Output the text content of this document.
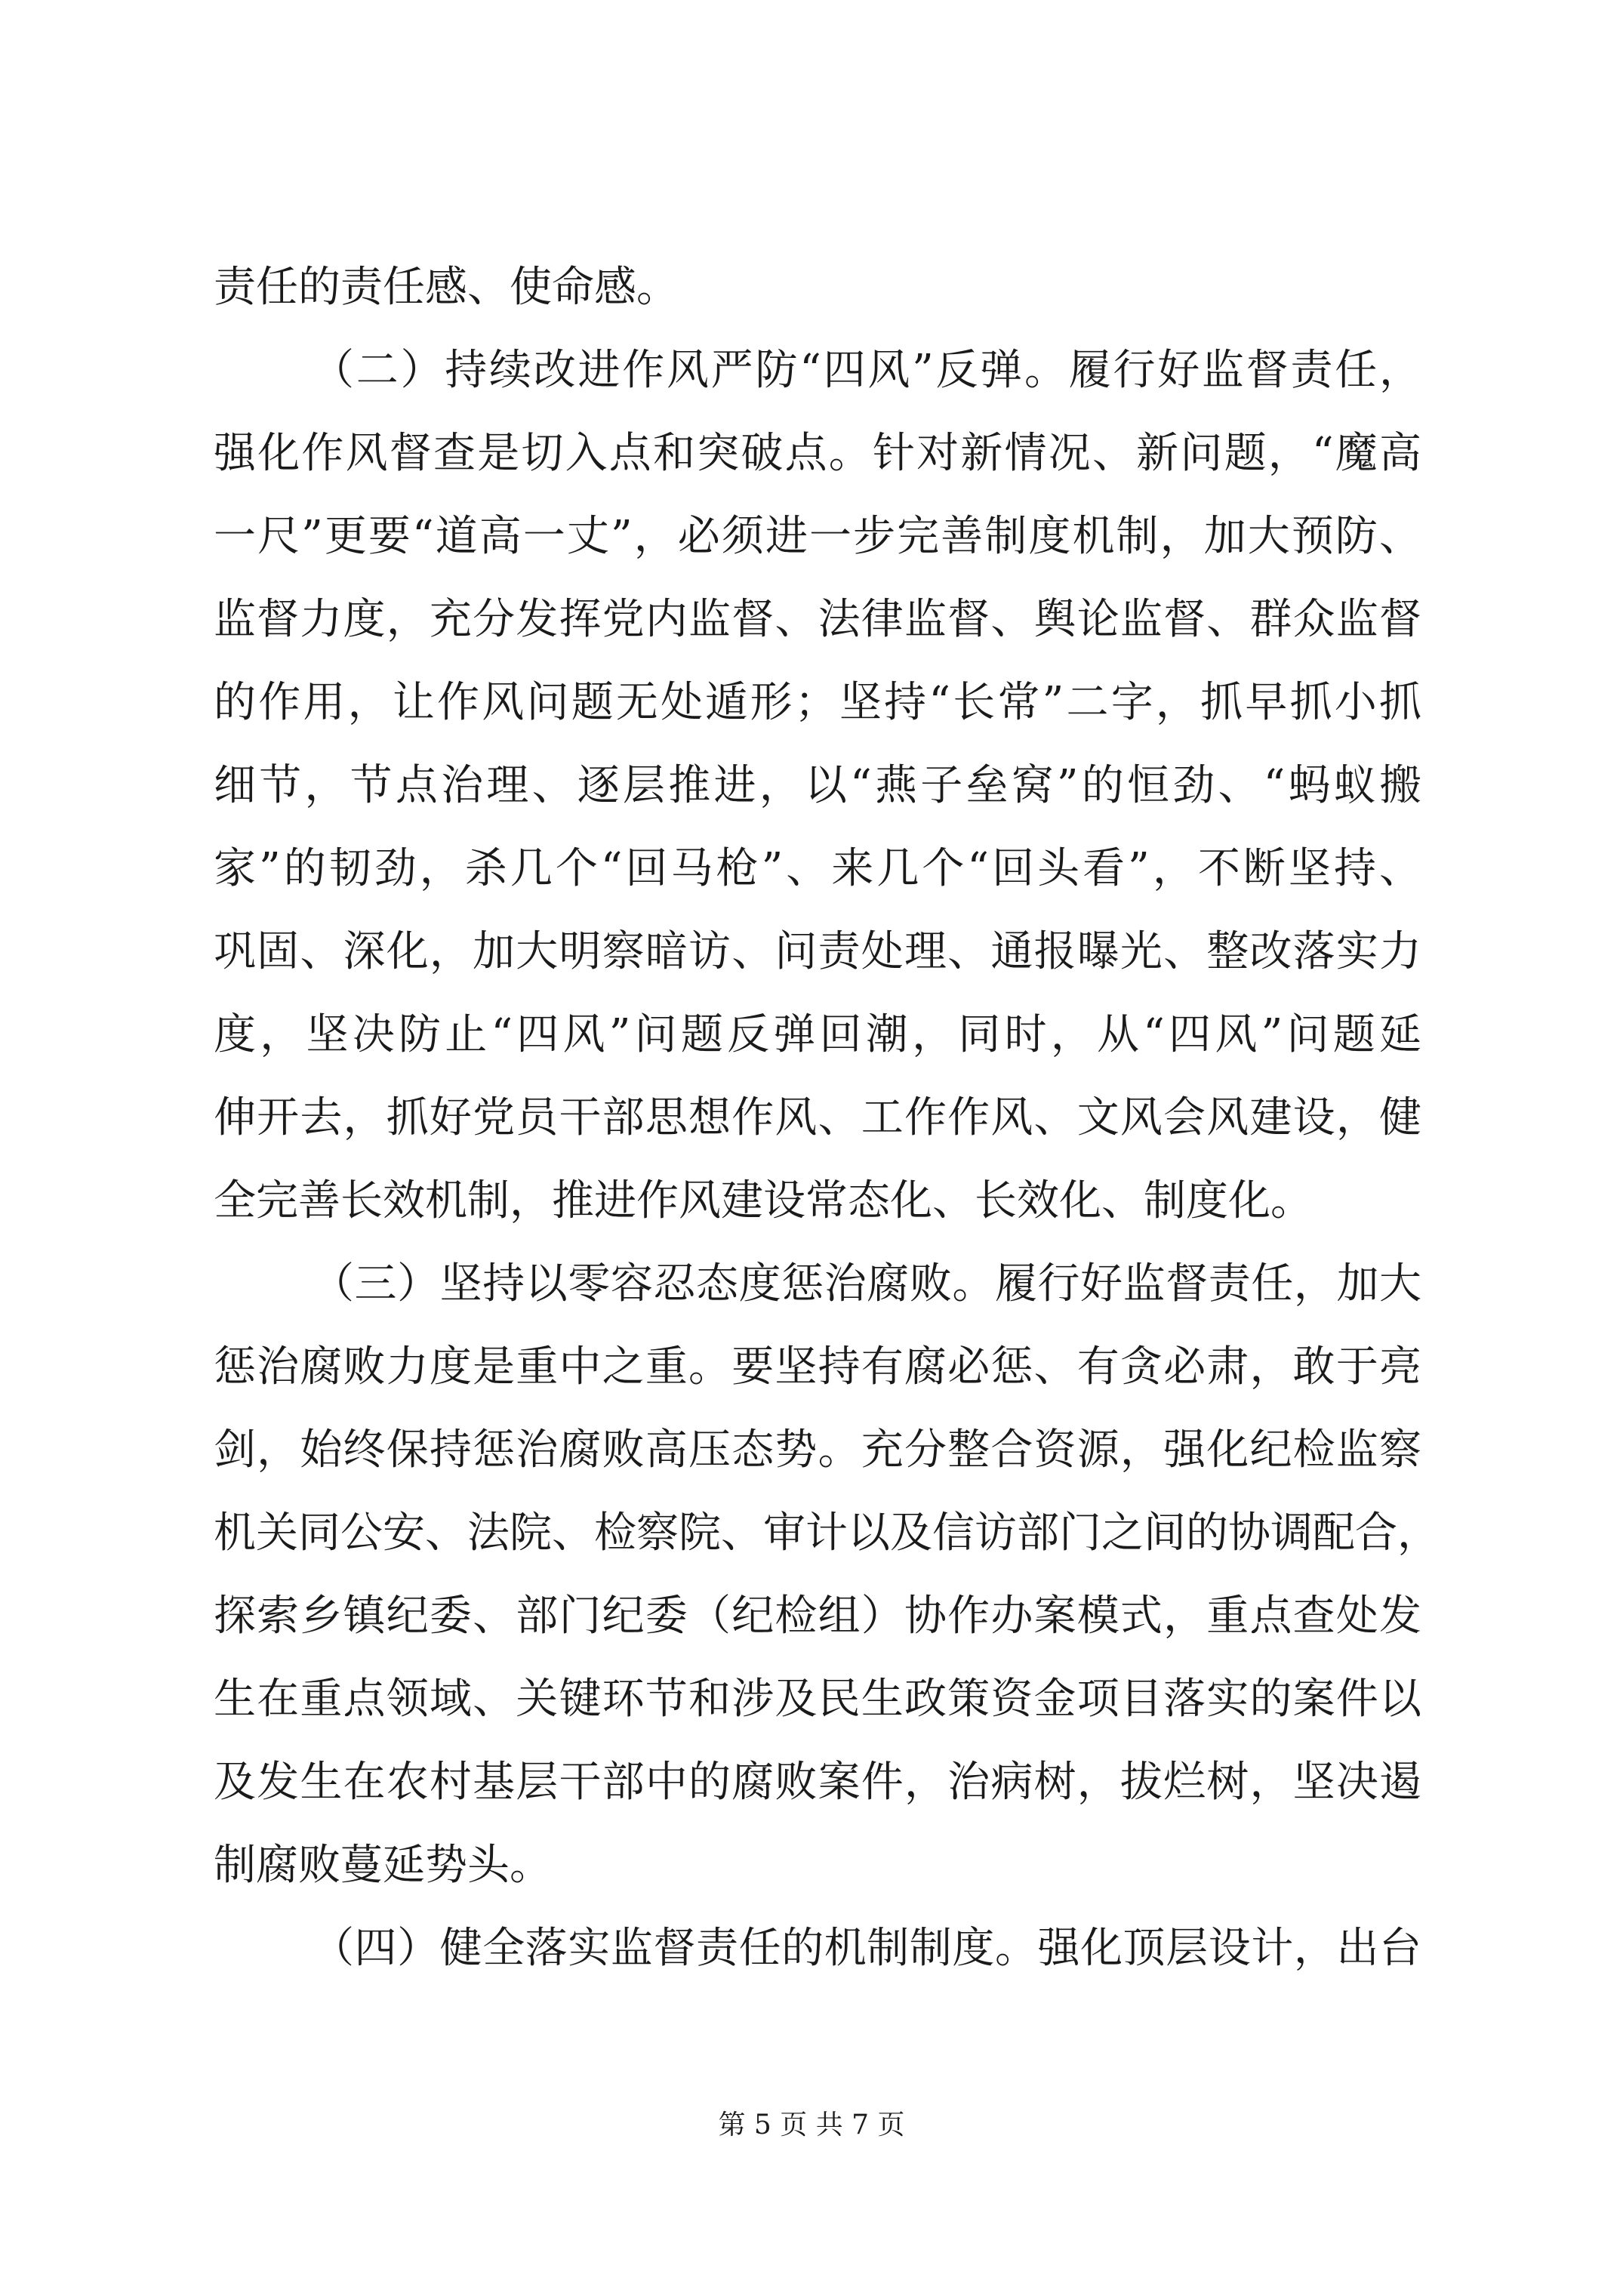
责任的责任感、使命感。
（二）持续改进作风严防“四风”反弹。履行好监督责任，
强化作风督查是切入点和突破点。针对新情况、新问题，“魔高
一尺”更要“道高一丈”，必须进一步完善制度机制，加大预防、
监督力度，充分发挥党内监督、法律监督、舆论监督、群众监督
的作用，让作风问题无处遁形；坚持“长常”二字，抓早抓小抓
细节，节点治理、逐层推进，以“燕子垒窝”的恒劲、“蚂蚁搬
家”的韧劲，杀几个“回马枪”、来几个“回头看”，不断坚持、
巩固、深化，加大明察暗访、问责处理、通报曝光、整改落实力
度，坚决防止“四风”问题反弹回潮，同时，从“四风”问题延
伸开去，抓好党员干部思想作风、工作作风、文风会风建设，健
全完善长效机制，推进作风建设常态化、长效化、制度化。
（三）坚持以零容忍态度惩治腐败。履行好监督责任，加大
惩治腐败力度是重中之重。要坚持有腐必惩、有贪必肃，敢于亮
剑，始终保持惩治腐败高压态势。充分整合资源，强化纪检监察
机关同公安、法院、检察院、审计以及信访部门之间的协调配合，
探索乡镇纪委、部门纪委（纪检组）协作办案模式，重点查处发
生在重点领域、关键环节和涉及民生政策资金项目落实的案件以
及发生在农村基层干部中的腐败案件，治病树，拔烂树，坚决遏
制腐败蔓延势头。
（四）健全落实监督责任的机制制度。强化顶层设计，出台
第 5 页 共 7 页
